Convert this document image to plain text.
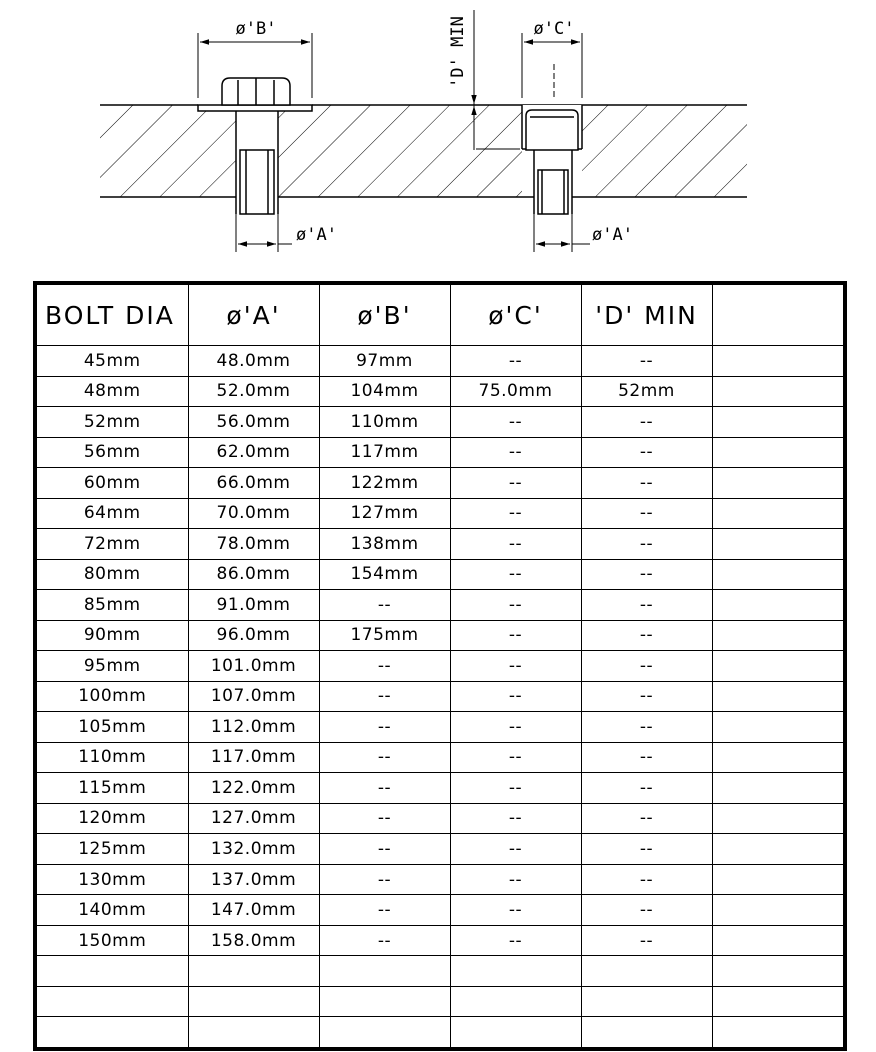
ø'B'	ø'C'
'D' MIN
ø'A'	ø'A'
BOLT DIA	ø'A'	ø'B'	ø'C'	'D' MIN	
45mm	48.0mm	97mm	--	--	
48mm	52.0mm	104mm	75.0mm	52mm	
52mm	56.0mm	110mm	--	--	
56mm	62.0mm	117mm	--	--	
60mm	66.0mm	122mm	--	--	
64mm	70.0mm	127mm	--	--	
72mm	78.0mm	138mm	--	--	
80mm	86.0mm	154mm	--	--	
85mm	91.0mm	--	--	--	
90mm	96.0mm	175mm	--	--	
95mm	101.0mm	--	--	--	
100mm	107.0mm	--	--	--	
105mm	112.0mm	--	--	--	
110mm	117.0mm	--	--	--	
115mm	122.0mm	--	--	--	
120mm	127.0mm	--	--	--	
125mm	132.0mm	--	--	--	
130mm	137.0mm	--	--	--	
140mm	147.0mm	--	--	--	
150mm	158.0mm	--	--	--	
